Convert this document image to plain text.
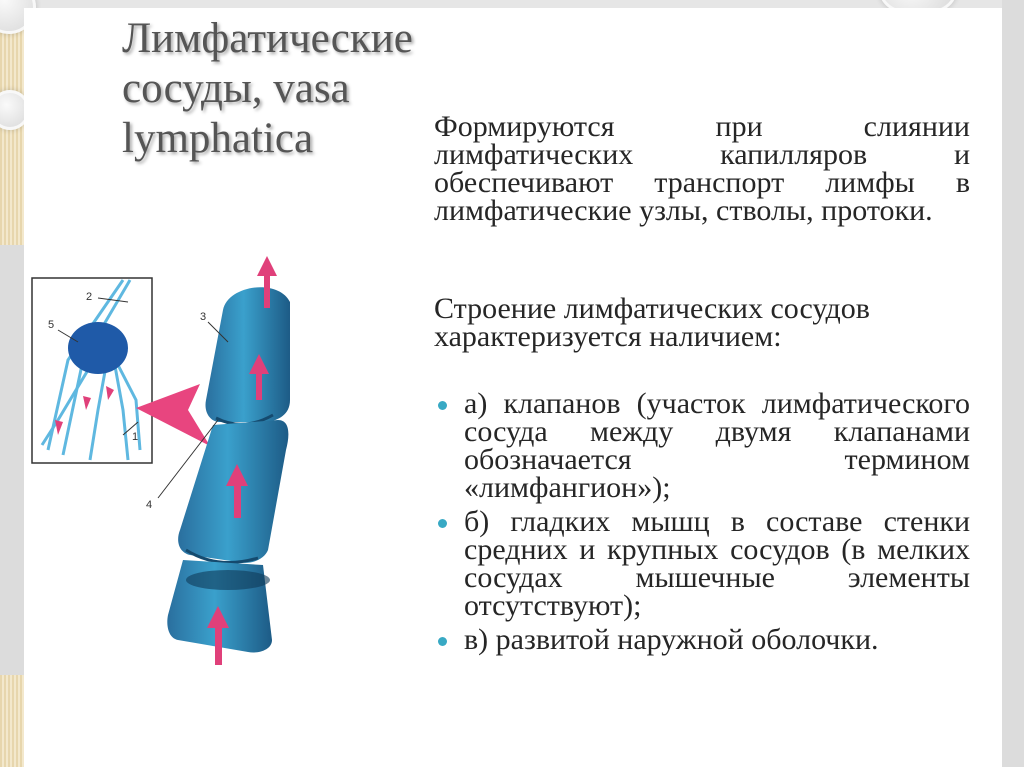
Лимфатические сосуды, vasa lymphatica	Формируются при слиянии лимфатических капилляров и обеспечивают транспорт лимфы в лимфатические узлы, стволы, протоки.

Строение лимфатических сосудов характеризуется наличием:

а) клапанов (участок лимфатического сосуда между двумя клапанами обозначается термином «лимфангион»);
б) гладких мышц в составе стенки средних и крупных сосудов (в мелких сосудах мышечные элементы отсутствуют);
в) развитой наружной оболочки.
2
5
3
4
1
